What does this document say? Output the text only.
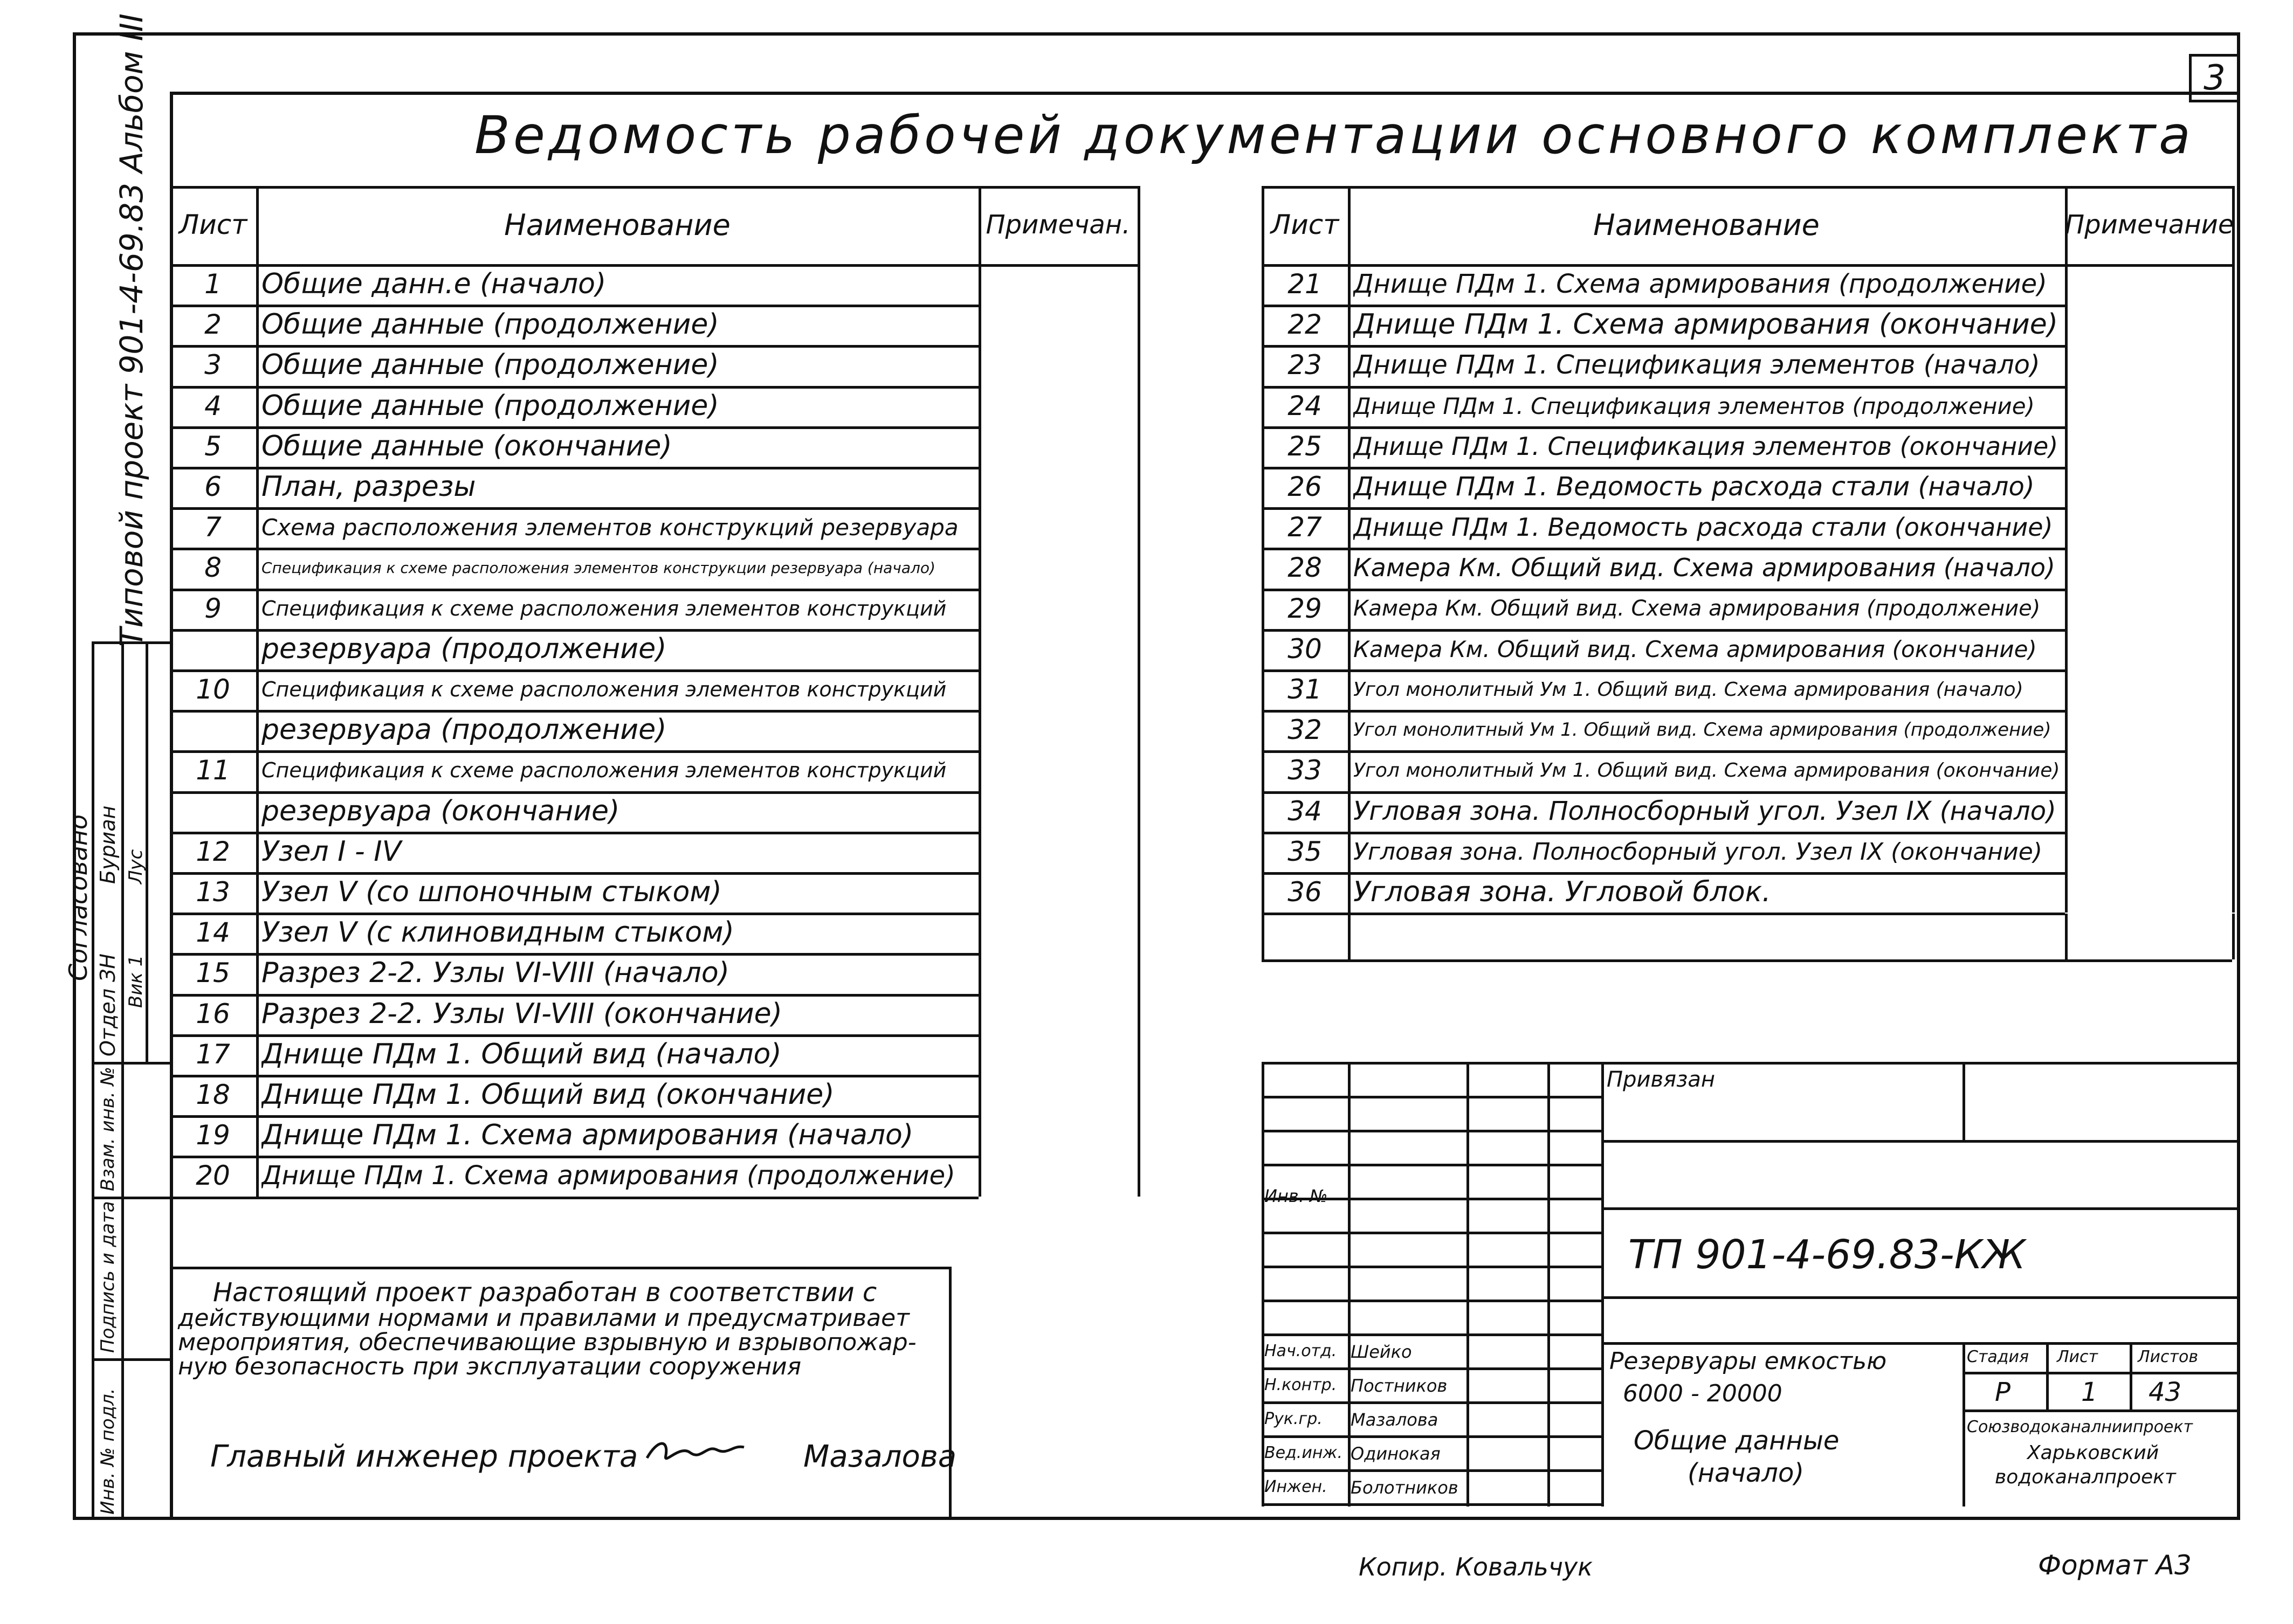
3
Ведомость рабочей документации основного комплекта
Типовой проект 901-4-69.83 Альбом III
Согласовано
Отдел ЗН
Буриан
Вик 1
Лус
Инв. № подл.
Подпись и дата
Взам. инв. №
Настоящий проект разработан в соответствии с
действующими нормами и правилами и предусматривает
мероприятия, обеспечивающие взрывную и взрывопожар-
ную безопасность при эксплуатации сооружения
Главный инженер проекта	Мазалова
Копир. Ковальчук	Формат А3
Лист	Наименование	Примечан.
1	Общие данн.е (начало)
2	Общие данные (продолжение)
3	Общие данные (продолжение)
4	Общие данные (продолжение)
5	Общие данные (окончание)
6	План, разрезы
7	Схема расположения элементов конструкций резервуара
8	Спецификация к схеме расположения элементов конструкции резервуара (начало)
9	Спецификация к схеме расположения элементов конструкций
резервуара (продолжение)
10	Спецификация к схеме расположения элементов конструкций
резервуара (продолжение)
11	Спецификация к схеме расположения элементов конструкций
резервуара (окончание)
12	Узел I - IV
13	Узел V (со шпоночным стыком)
14	Узел V (с клиновидным стыком)
15	Разрез 2-2. Узлы VI-VIII (начало)
16	Разрез 2-2. Узлы VI-VIII (окончание)
17	Днище ПДм 1. Общий вид (начало)
18	Днище ПДм 1. Общий вид (окончание)
19	Днище ПДм 1. Схема армирования (начало)
20	Днище ПДм 1. Схема армирования (продолжение)
Лист	Наименование	Примечание
21	Днище ПДм 1. Схема армирования (продолжение)
22	Днище ПДм 1. Схема армирования (окончание)
23	Днище ПДм 1. Спецификация элементов (начало)
24	Днище ПДм 1. Спецификация элементов (продолжение)
25	Днище ПДм 1. Спецификация элементов (окончание)
26	Днище ПДм 1. Ведомость расхода стали (начало)
27	Днище ПДм 1. Ведомость расхода стали (окончание)
28	Камера Км. Общий вид. Схема армирования (начало)
29	Камера Км. Общий вид. Схема армирования (продолжение)
30	Камера Км. Общий вид. Схема армирования (окончание)
31	Угол монолитный Ум 1. Общий вид. Схема армирования (начало)
32	Угол монолитный Ум 1. Общий вид. Схема армирования (продолжение)
33	Угол монолитный Ум 1. Общий вид. Схема армирования (окончание)
34	Угловая зона. Полносборный угол. Узел IX (начало)
35	Угловая зона. Полносборный угол. Узел IX (окончание)
36	Угловая зона. Угловой блок.
Привязан
Инв. №
ТП 901-4-69.83-КЖ
Резервуары емкостью
6000 - 20000
Общие данные
(начало)
Стадия Лист Листов
Р	1 43
Союзводоканалниипроект
Харьковский
водоканалпроект
Нач.отд. Шейко
Н.контр. Постников
Рук.гр. Мазалова
Вед.инж. Одинокая
Инжен. Болотников
